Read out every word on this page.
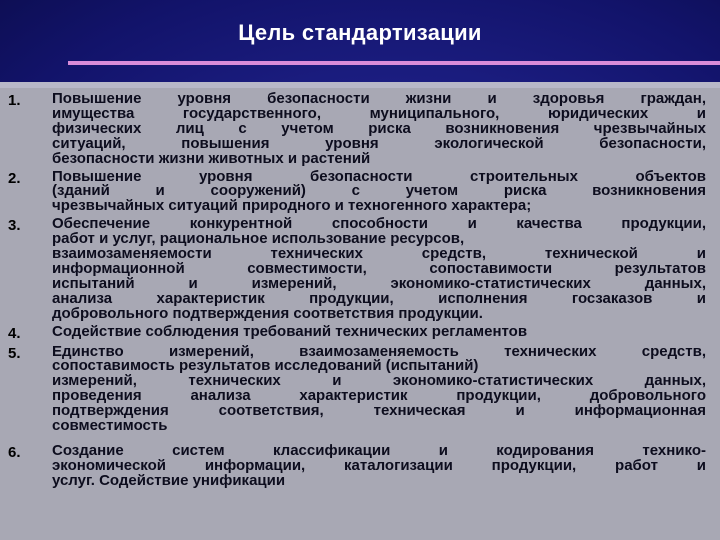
Цель стандартизации
1. Повышение уровня безопасности жизни и здоровья граждан,
имущества государственного, муниципального, юридических и
физических лиц с учетом риска возникновения чрезвычайных
ситуаций, повышения уровня экологической безопасности,
безопасности жизни животных и растений
2. Повышение уровня безопасности строительных объектов
(зданий и сооружений) с учетом риска возникновения
чрезвычайных ситуаций природного и техногенного характера;
3. Обеспечение конкурентной способности и качества продукции,
работ и услуг, рациональное использование ресурсов,
взаимозаменяемости технических средств, технической и
информационной совместимости, сопоставимости результатов
испытаний и измерений, экономико-статистических данных,
анализа характеристик продукции, исполнения госзаказов и
добровольного подтверждения соответствия продукции.
4. Содействие соблюдения требований технических регламентов
5. Единство измерений, взаимозаменяемость технических средств,
сопоставимость результатов исследований (испытаний)
измерений, технических и экономико-статистических данных,
проведения анализа характеристик продукции, добровольного
подтверждения соответствия, техническая и информационная
совместимость
6. Создание систем классификации и кодирования технико-
экономической информации, каталогизации продукции, работ и
услуг. Содействие унификации
